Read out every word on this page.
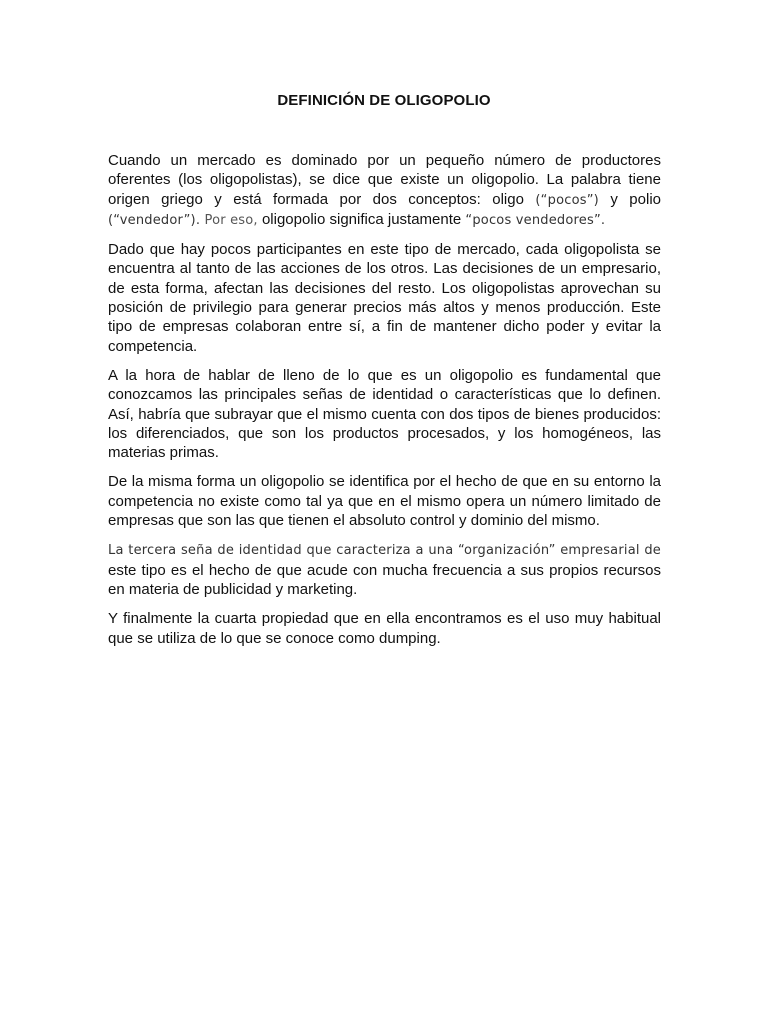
DEFINICIÓN DE OLIGOPOLIO

Cuando un mercado es dominado por un pequeño número de productores oferentes (los oligopolistas), se dice que existe un oligopolio. La palabra tiene origen griego y está formada por dos conceptos: oligo (“pocos”) y polio (“vendedor”). Por eso, oligopolio significa justamente “pocos vendedores”.

Dado que hay pocos participantes en este tipo de mercado, cada oligopolista se encuentra al tanto de las acciones de los otros. Las decisiones de un empresario, de esta forma, afectan las decisiones del resto. Los oligopolistas aprovechan su posición de privilegio para generar precios más altos y menos producción. Este tipo de empresas colaboran entre sí, a fin de mantener dicho poder y evitar la competencia.

A la hora de hablar de lleno de lo que es un oligopolio es fundamental que conozcamos las principales señas de identidad o características que lo definen. Así, habría que subrayar que el mismo cuenta con dos tipos de bienes producidos: los diferenciados, que son los productos procesados, y los homogéneos, las materias primas.

De la misma forma un oligopolio se identifica por el hecho de que en su entorno la competencia no existe como tal ya que en el mismo opera un número limitado de empresas que son las que tienen el absoluto control y dominio del mismo.

La tercera seña de identidad que caracteriza a una “organización” empresarial de este tipo es el hecho de que acude con mucha frecuencia a sus propios recursos en materia de publicidad y marketing.

Y finalmente la cuarta propiedad que en ella encontramos es el uso muy habitual que se utiliza de lo que se conoce como dumping.
